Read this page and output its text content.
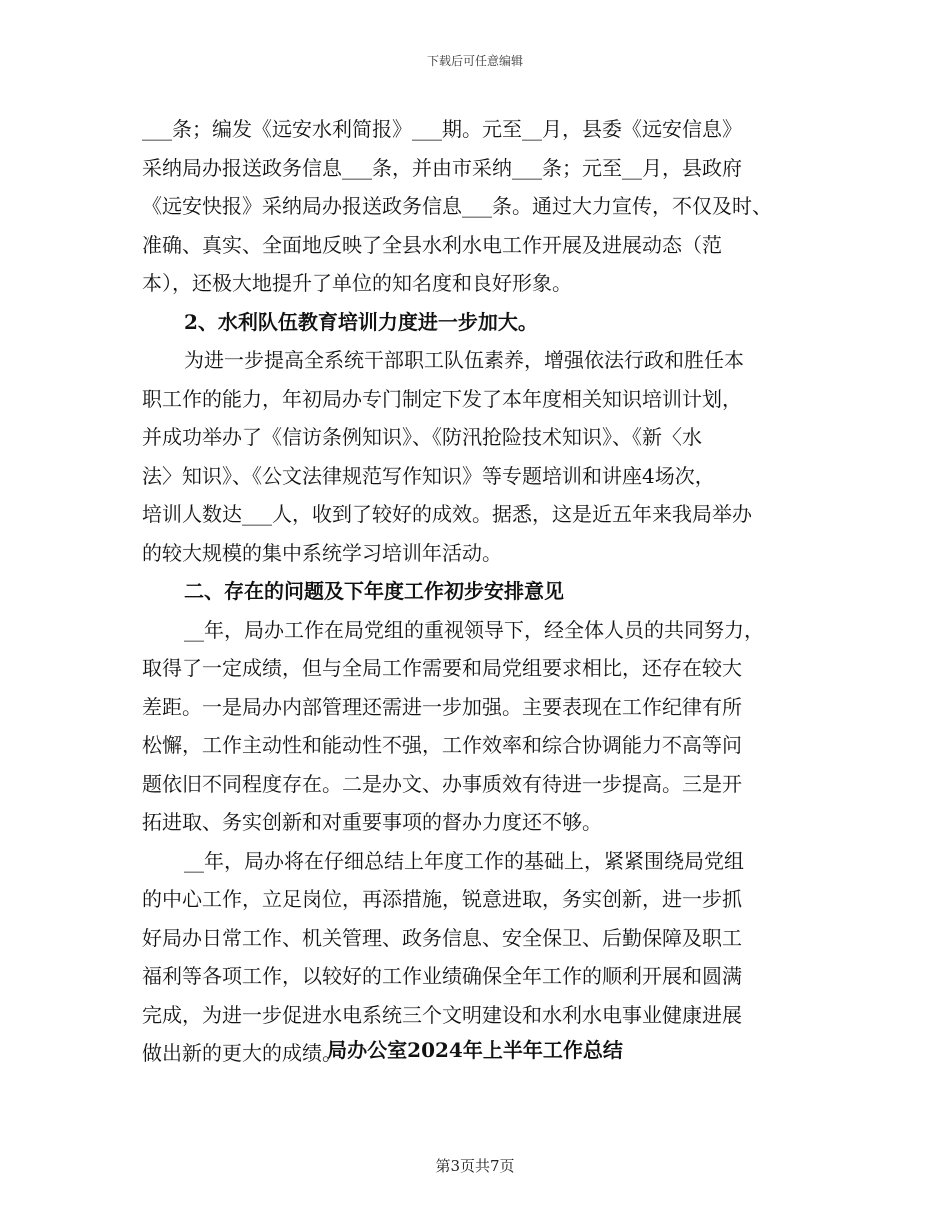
下载后可任意编辑
___条；编发《远安水利简报》___期。元至__月，县委《远安信息》
采纳局办报送政务信息___条，并由市采纳___条；元至__月，县政府
《远安快报》采纳局办报送政务信息___条。通过大力宣传，不仅及时、
准确、真实、全面地反映了全县水利水电工作开展及进展动态（范
本），还极大地提升了单位的知名度和良好形象。
2、水利队伍教育培训力度进一步加大。
为进一步提高全系统干部职工队伍素养，增强依法行政和胜任本
职工作的能力，年初局办专门制定下发了本年度相关知识培训计划，
并成功举办了《信访条例知识》、《防汛抢险技术知识》、《新〈水
法〉知识》、《公文法律规范写作知识》等专题培训和讲座4场次，
培训人数达___人，收到了较好的成效。据悉，这是近五年来我局举办
的较大规模的集中系统学习培训年活动。
二、存在的问题及下年度工作初步安排意见
__年，局办工作在局党组的重视领导下，经全体人员的共同努力，
取得了一定成绩，但与全局工作需要和局党组要求相比，还存在较大
差距。一是局办内部管理还需进一步加强。主要表现在工作纪律有所
松懈，工作主动性和能动性不强，工作效率和综合协调能力不高等问
题依旧不同程度存在。二是办文、办事质效有待进一步提高。三是开
拓进取、务实创新和对重要事项的督办力度还不够。
__年，局办将在仔细总结上年度工作的基础上，紧紧围绕局党组
的中心工作，立足岗位，再添措施，锐意进取，务实创新，进一步抓
好局办日常工作、机关管理、政务信息、安全保卫、后勤保障及职工
福利等各项工作，以较好的工作业绩确保全年工作的顺利开展和圆满
完成，为进一步促进水电系统三个文明建设和水利水电事业健康进展
做出新的更大的成绩。
局办公室2024年上半年工作总结
第3页共7页
